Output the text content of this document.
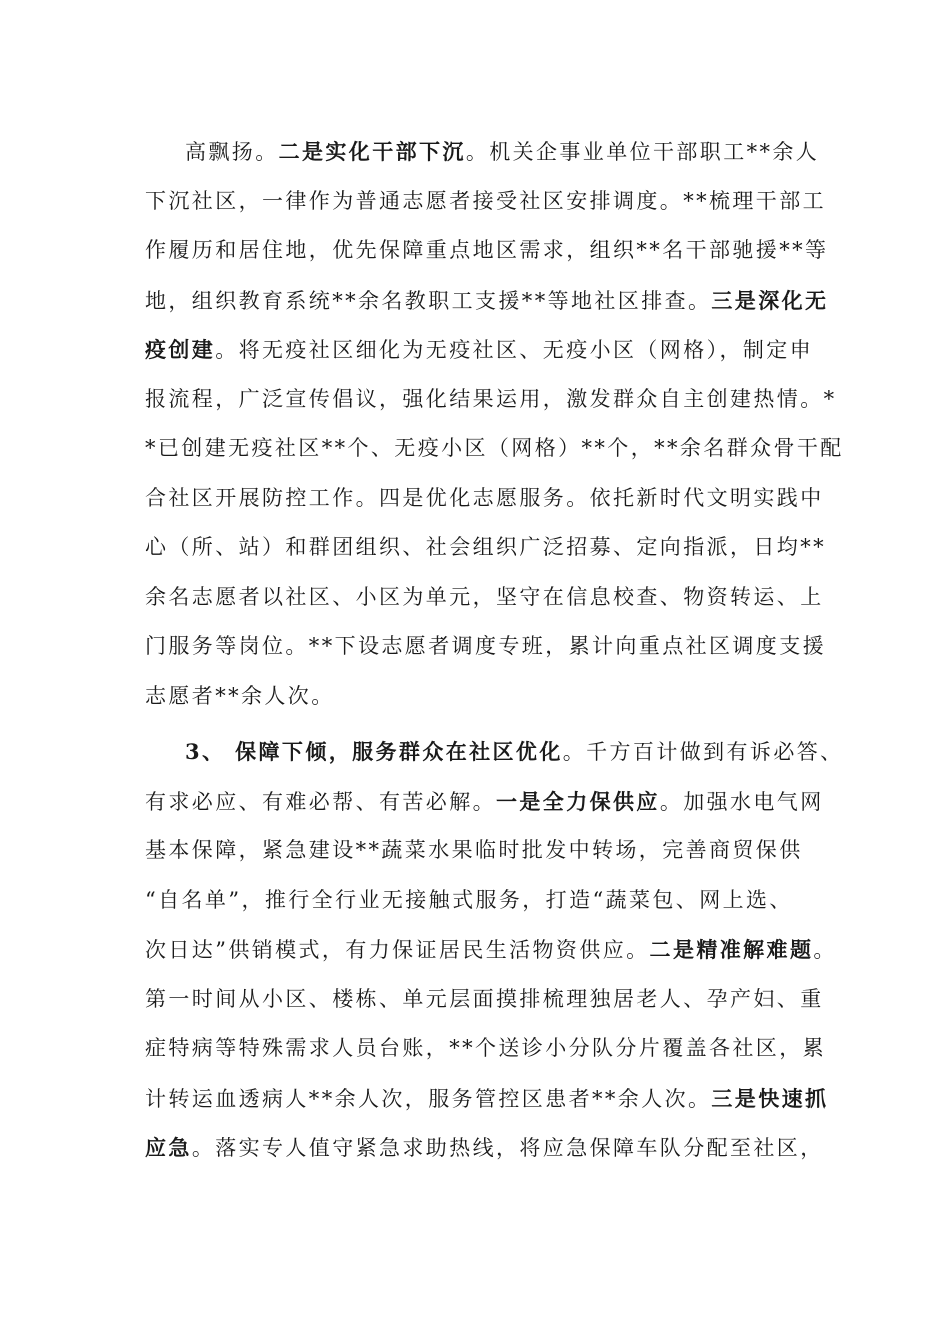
高飘扬。二是实化干部下沉。机关企事业单位干部职工**余人
下沉社区，一律作为普通志愿者接受社区安排调度。**梳理干部工
作履历和居住地，优先保障重点地区需求，组织**名干部驰援**等
地，组织教育系统**余名教职工支援**等地社区排查。三是深化无
疫创建。将无疫社区细化为无疫社区、无疫小区（网格），制定申
报流程，广泛宣传倡议，强化结果运用，激发群众自主创建热情。*
*已创建无疫社区**个、无疫小区（网格）**个，**余名群众骨干配
合社区开展防控工作。四是优化志愿服务。依托新时代文明实践中
心（所、站）和群团组织、社会组织广泛招募、定向指派，日均**
余名志愿者以社区、小区为单元，坚守在信息校查、物资转运、上
门服务等岗位。**下设志愿者调度专班，累计向重点社区调度支援
志愿者**余人次。
3、 保障下倾，服务群众在社区优化。千方百计做到有诉必答、
有求必应、有难必帮、有苦必解。一是全力保供应。加强水电气网
基本保障，紧急建设**蔬菜水果临时批发中转场，完善商贸保供
“自名单”，推行全行业无接触式服务，打造“蔬菜包、网上选、
次日达”供销模式，有力保证居民生活物资供应。二是精准解难题。
第一时间从小区、楼栋、单元层面摸排梳理独居老人、孕产妇、重
症特病等特殊需求人员台账，**个送诊小分队分片覆盖各社区，累
计转运血透病人**余人次，服务管控区患者**余人次。三是快速抓
应急。落实专人值守紧急求助热线，将应急保障车队分配至社区，
